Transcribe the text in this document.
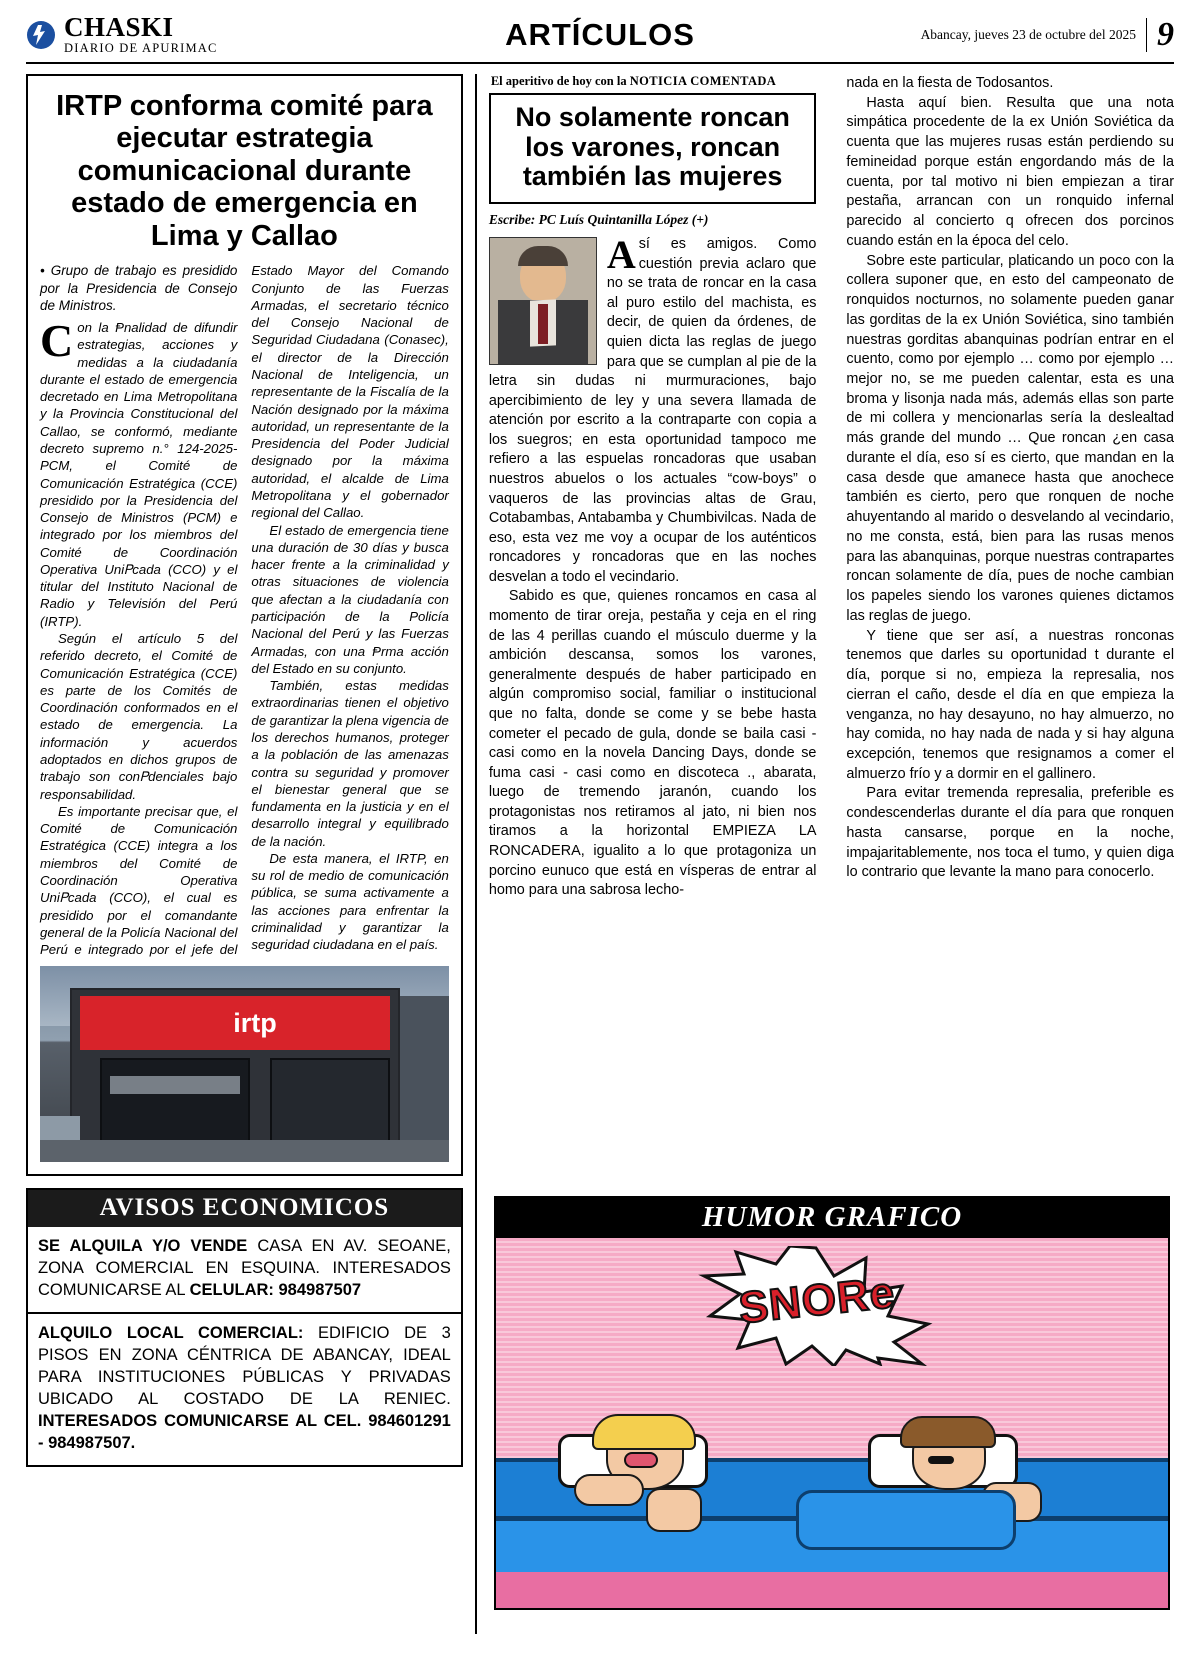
CHASKI
DIARIO DE APURIMAC	ARTÍCULOS	Abancay, jueves 23 de octubre del 2025 9
IRTP conforma comité para ejecutar estrategia comunicacional durante estado de emergencia en Lima y Callao

• Grupo de trabajo es presidido por la Presidencia de Consejo de Ministros.

Con la Ᵽnalidad de difundir estrategias, acciones y medidas a la ciudadanía durante el estado de emergencia decretado en Lima Metropolitana y la Provincia Constitucional del Callao, se conformó, mediante decreto supremo n.° 124-2025-PCM, el Comité de Comunicación Estratégica (CCE) presidido por la Presidencia del Consejo de Ministros (PCM) e integrado por los miembros del Comité de Coordinación Operativa UniᏢcada (CCO) y el titular del Instituto Nacional de Radio y Televisión del Perú (IRTP).

Según el artículo 5 del referido decreto, el Comité de Comunicación Estratégica (CCE) es parte de los Comités de Coordinación conformados en el estado de emergencia. La información y acuerdos adoptados en dichos grupos de trabajo son conᏢdenciales bajo responsabilidad.

Es importante precisar que, el Comité de Comunicación Estratégica (CCE) integra a los miembros del Comité de Coordinación Operativa UniᏢcada (CCO), el cual es presidido por el comandante general de la Policía Nacional del Perú e integrado por el jefe del Estado Mayor del Comando Conjunto de las Fuerzas Armadas, el secretario técnico del Consejo Nacional de Seguridad Ciudadana (Conasec), el director de la Dirección Nacional de Inteligencia, un representante de la Fiscalía de la Nación designado por la máxima autoridad, un representante de la Presidencia del Poder Judicial designado por la máxima autoridad, el alcalde de Lima Metropolitana y el gobernador regional del Callao.

El estado de emergencia tiene una duración de 30 días y busca hacer frente a la criminalidad y otras situaciones de violencia que afectan a la ciudadanía con participación de la Policía Nacional del Perú y las Fuerzas Armadas, con una Ᵽrma acción del Estado en su conjunto.

También, estas medidas extraordinarias tienen el objetivo de garantizar la plena vigencia de los derechos humanos, proteger a la población de las amenazas contra su seguridad y promover el bienestar general que se fundamenta en la justicia y en el desarrollo integral y equilibrado de la nación.

De esta manera, el IRTP, en su rol de medio de comunicación pública, se suma activamente a las acciones para enfrentar la criminalidad y garantizar la seguridad ciudadana en el país.

irtp
AVISOS ECONOMICOS
SE ALQUILA Y/O VENDE CASA EN AV. SEOANE, ZONA COMERCIAL EN ESQUINA. INTERESADOS COMUNICARSE AL CELULAR: 984987507
ALQUILO LOCAL COMERCIAL: EDIFICIO DE 3 PISOS EN ZONA CÉNTRICA DE ABANCAY, IDEAL PARA INSTITUCIONES PÚBLICAS Y PRIVADAS UBICADO AL COSTADO DE LA RENIEC. INTERESADOS COMUNICARSE AL CEL. 984601291 - 984987507.

El aperitivo de hoy con la NOTICIA COMENTADA

No solamente roncan los varones, roncan también las mujeres
Escribe: PC Luís Quintanilla López (+)

Así es amigos. Como cuestión previa aclaro que no se trata de roncar en la casa al puro estilo del machista, es decir, de quien da órdenes, de quien dicta las reglas de juego para que se cumplan al pie de la letra sin dudas ni murmuraciones, bajo apercibimiento de ley y una severa llamada de atención por escrito a la contraparte con copia a los suegros; en esta oportunidad tampoco me refiero a las espuelas roncadoras que usaban nuestros abuelos o los actuales “cow-boys” o vaqueros de las provincias altas de Grau, Cotabambas, Antabamba y Chumbivilcas. Nada de eso, esta vez me voy a ocupar de los auténticos roncadores y roncadoras que en las noches desvelan a todo el vecindario.

Sabido es que, quienes roncamos en casa al momento de tirar oreja, pestaña y ceja en el ring de las 4 perillas cuando el músculo duerme y la ambición descansa, somos los varones, generalmente después de haber participado en algún compromiso social, familiar o institucional que no falta, donde se come y se bebe hasta cometer el pecado de gula, donde se baila casi - casi como en la novela Dancing Days, donde se fuma casi - casi como en discoteca ., abarata, luego de tremendo jaranón, cuando los protagonistas nos retiramos al jato, ni bien nos tiramos a la horizontal EMPIEZA LA RONCADERA, igualito a lo que protagoniza un porcino eunuco que está en vísperas de entrar al homo para una sabrosa lecho-

nada en la fiesta de Todosantos.

Hasta aquí bien. Resulta que una nota simpática procedente de la ex Unión Soviética da cuenta que las mujeres rusas están perdiendo su femineidad porque están engordando más de la cuenta, por tal motivo ni bien empiezan a tirar pestaña, arrancan con un ronquido infernal parecido al concierto q ofrecen dos porcinos cuando están en la época del celo.

Sobre este particular, platicando un poco con la collera suponer que, en esto del campeonato de ronquidos nocturnos, no solamente pueden ganar las gorditas de la ex Unión Soviética, sino también nuestras gorditas abanquinas podrían entrar en el cuento, como por ejemplo … como por ejemplo … mejor no, se me pueden calentar, esta es una broma y lisonja nada más, además ellas son parte de mi collera y mencionarlas sería la deslealtad más grande del mundo … Que roncan ¿en casa durante el día, eso sí es cierto, que mandan en la casa desde que amanece hasta que anochece también es cierto, pero que ronquen de noche ahuyentando al marido o desvelando al vecindario, no me consta, está, bien para las rusas menos para las abanquinas, porque nuestras contrapartes roncan solamente de día, pues de noche cambian los papeles siendo los varones quienes dictamos las reglas de juego.

Y tiene que ser así, a nuestras ronconas tenemos que darles su oportunidad t durante el día, porque si no, empieza la represalia, nos cierran el caño, desde el día en que empieza la venganza, no hay desayuno, no hay almuerzo, no hay comida, no hay nada de nada y si hay alguna excepción, tenemos que resignamos a comer el almuerzo frío y a dormir en el gallinero.

Para evitar tremenda represalia, preferible es condescenderlas durante el día para que ronquen hasta cansarse, porque en la noche, impajaritablemente, nos toca el tumo, y quien diga lo contrario que levante la mano para conocerlo.

HUMOR GRAFICO
SNORe
